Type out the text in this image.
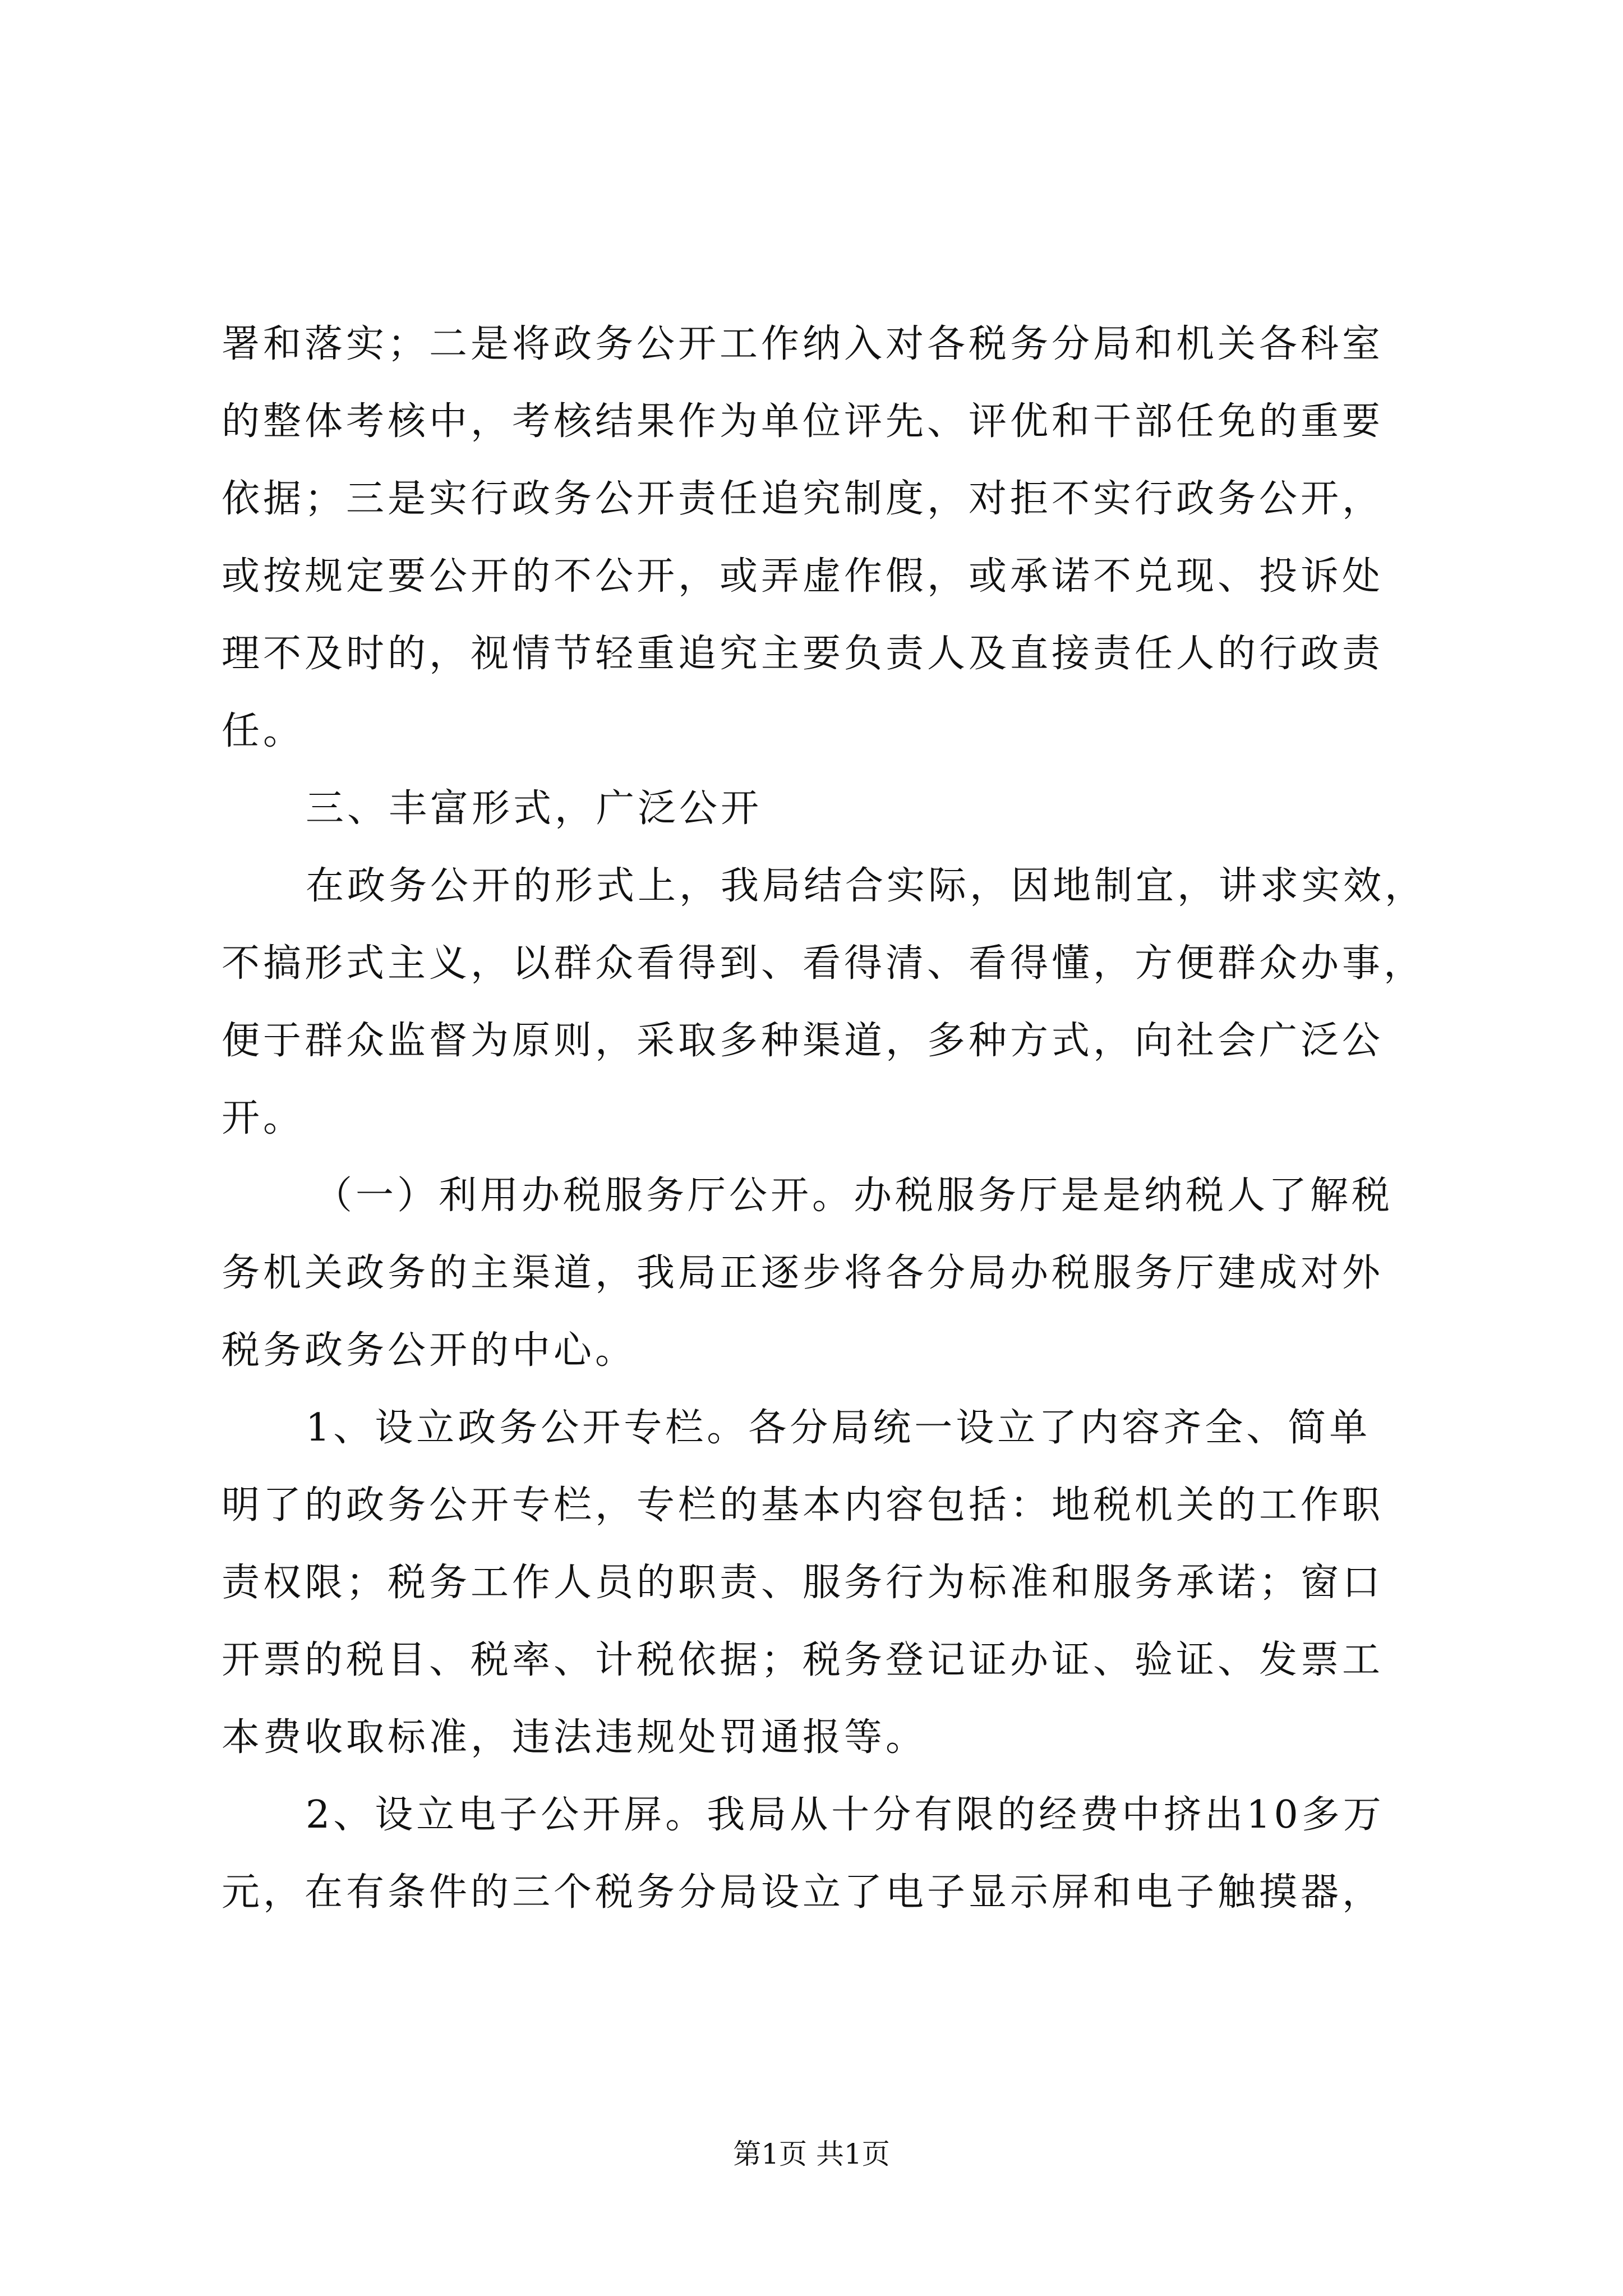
署和落实；二是将政务公开工作纳入对各税务分局和机关各科室
的整体考核中，考核结果作为单位评先、评优和干部任免的重要
依据；三是实行政务公开责任追究制度，对拒不实行政务公开，
或按规定要公开的不公开，或弄虚作假，或承诺不兑现、投诉处
理不及时的，视情节轻重追究主要负责人及直接责任人的行政责
任。
三、丰富形式，广泛公开
在政务公开的形式上，我局结合实际，因地制宜，讲求实效，
不搞形式主义，以群众看得到、看得清、看得懂，方便群众办事，
便于群众监督为原则，采取多种渠道，多种方式，向社会广泛公
开。
（一）利用办税服务厅公开。办税服务厅是是纳税人了解税
务机关政务的主渠道，我局正逐步将各分局办税服务厅建成对外
税务政务公开的中心。
1、设立政务公开专栏。各分局统一设立了内容齐全、简单
明了的政务公开专栏，专栏的基本内容包括：地税机关的工作职
责权限；税务工作人员的职责、服务行为标准和服务承诺；窗口
开票的税目、税率、计税依据；税务登记证办证、验证、发票工
本费收取标准，违法违规处罚通报等。
2、设立电子公开屏。我局从十分有限的经费中挤出10多万
元，在有条件的三个税务分局设立了电子显示屏和电子触摸器，
第1页 共1页
